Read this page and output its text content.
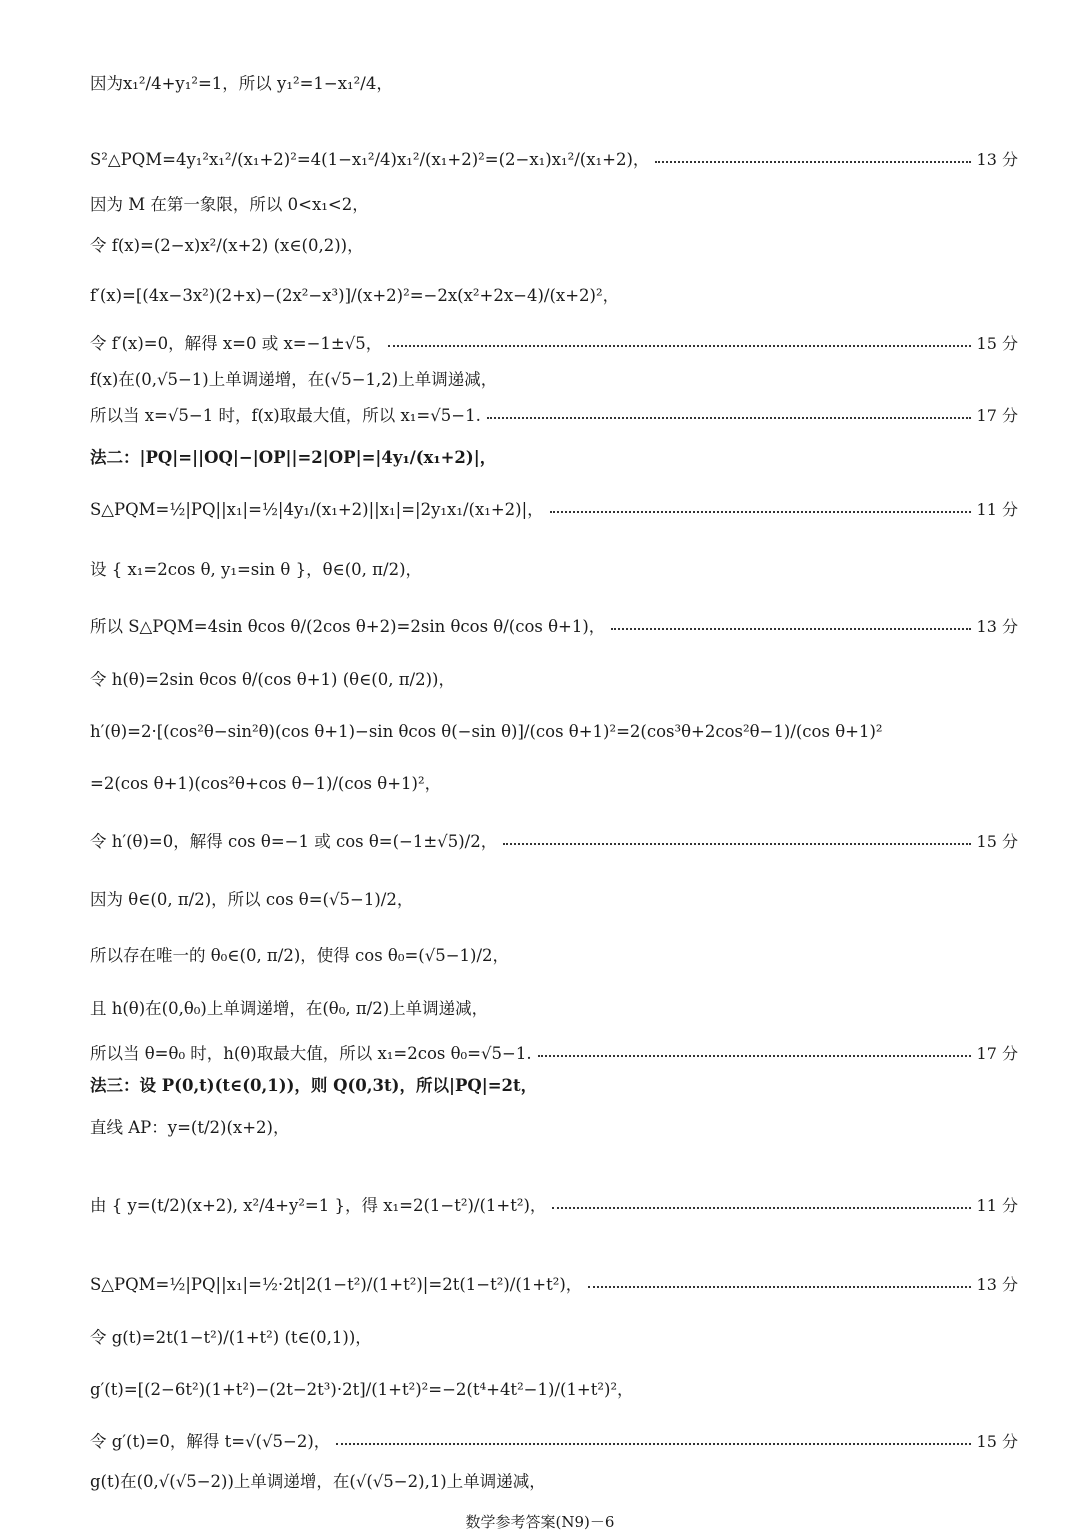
因为x₁²/4+y₁²=1，所以 y₁²=1−x₁²/4，
S²△PQM=4y₁²x₁²/(x₁+2)²=4(1−x₁²/4)x₁²/(x₁+2)²=(2−x₁)x₁²/(x₁+2)，	13 分
因为 M 在第一象限，所以 0<x₁<2，
令 f(x)=(2−x)x²/(x+2) (x∈(0,2))，
f′(x)=[(4x−3x²)(2+x)−(2x²−x³)]/(x+2)²=−2x(x²+2x−4)/(x+2)²，
令 f′(x)=0，解得 x=0 或 x=−1±√5，	15 分
f(x)在(0,√5−1)上单调递增，在(√5−1,2)上单调递减，
所以当 x=√5−1 时，f(x)取最大值，所以 x₁=√5−1.	17 分
法二：|PQ|=||OQ|−|OP||=2|OP|=|4y₁/(x₁+2)|，
S△PQM=½|PQ||x₁|=½|4y₁/(x₁+2)||x₁|=|2y₁x₁/(x₁+2)|，	11 分
设 { x₁=2cos θ, y₁=sin θ }，θ∈(0, π/2)，
所以 S△PQM=4sin θcos θ/(2cos θ+2)=2sin θcos θ/(cos θ+1)，	13 分
令 h(θ)=2sin θcos θ/(cos θ+1) (θ∈(0, π/2))，
h′(θ)=2·[(cos²θ−sin²θ)(cos θ+1)−sin θcos θ(−sin θ)]/(cos θ+1)²=2(cos³θ+2cos²θ−1)/(cos θ+1)²
=2(cos θ+1)(cos²θ+cos θ−1)/(cos θ+1)²，
令 h′(θ)=0，解得 cos θ=−1 或 cos θ=(−1±√5)/2，	15 分
因为 θ∈(0, π/2)，所以 cos θ=(√5−1)/2，
所以存在唯一的 θ₀∈(0, π/2)，使得 cos θ₀=(√5−1)/2，
且 h(θ)在(0,θ₀)上单调递增，在(θ₀, π/2)上单调递减，
所以当 θ=θ₀ 时，h(θ)取最大值，所以 x₁=2cos θ₀=√5−1.	17 分
法三：设 P(0,t)(t∈(0,1))，则 Q(0,3t)，所以|PQ|=2t，
直线 AP：y=(t/2)(x+2)，
由 { y=(t/2)(x+2), x²/4+y²=1 }，得 x₁=2(1−t²)/(1+t²)，	11 分
S△PQM=½|PQ||x₁|=½·2t|2(1−t²)/(1+t²)|=2t(1−t²)/(1+t²)，	13 分
令 g(t)=2t(1−t²)/(1+t²) (t∈(0,1))，
g′(t)=[(2−6t²)(1+t²)−(2t−2t³)·2t]/(1+t²)²=−2(t⁴+4t²−1)/(1+t²)²，
令 g′(t)=0，解得 t=√(√5−2)，	15 分
g(t)在(0,√(√5−2))上单调递增，在(√(√5−2),1)上单调递减，
数学参考答案(N9)－6
